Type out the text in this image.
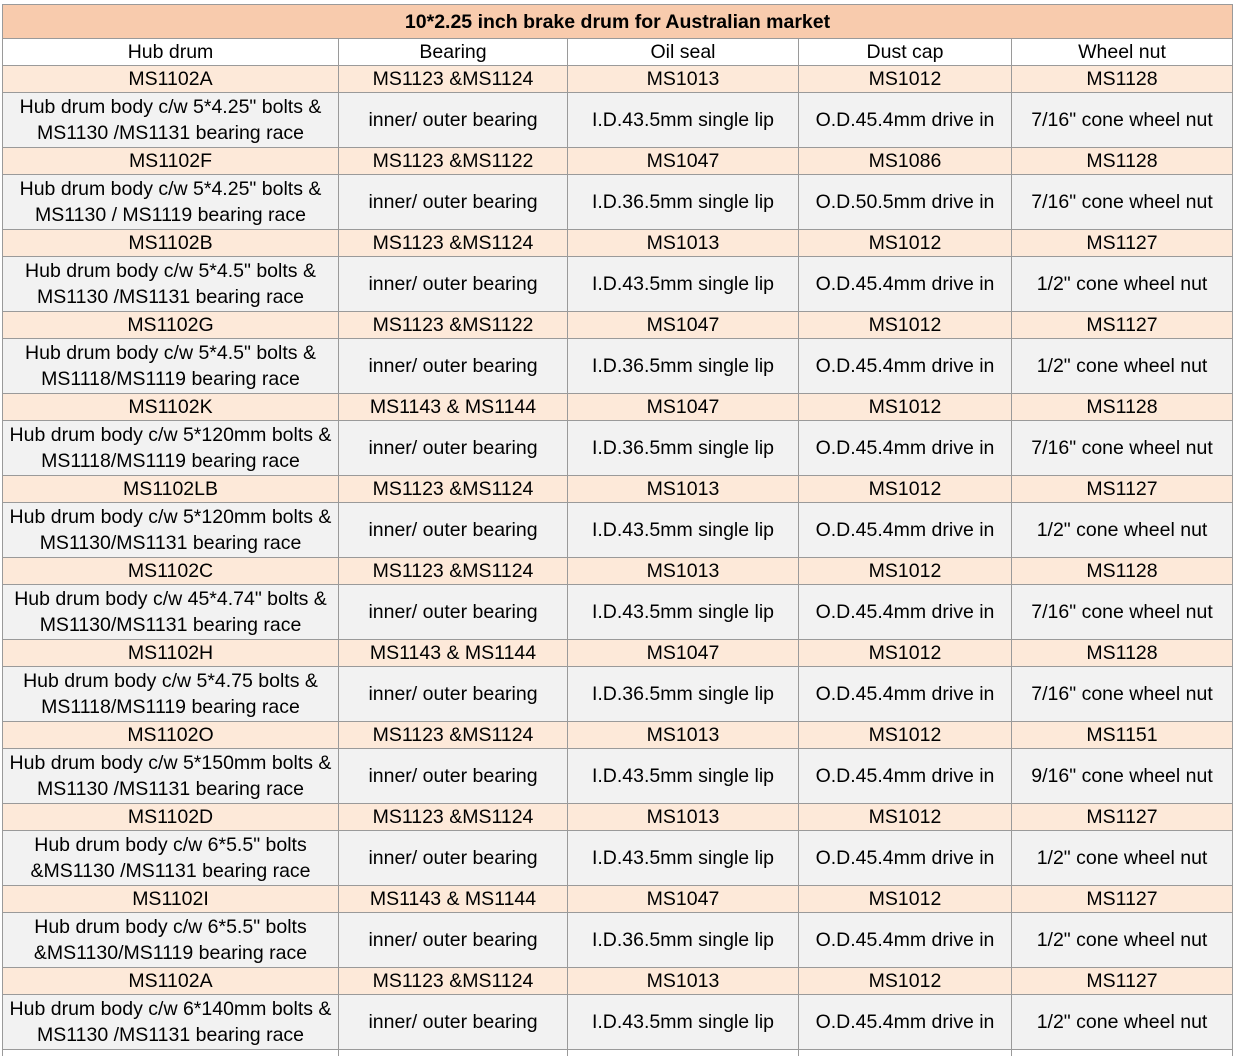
10*2.25 inch brake drum for Australian market				
Hub drum	Bearing	Oil seal	Dust cap	Wheel nut
MS1102A	MS1123 &MS1124	MS1013	MS1012	MS1128
Hub drum body c/w 5*4.25" bolts & MS1130 /MS1131 bearing race	inner/ outer bearing	I.D.43.5mm single lip	O.D.45.4mm drive in	7/16" cone wheel nut
MS1102F	MS1123 &MS1122	MS1047	MS1086	MS1128
Hub drum body c/w 5*4.25" bolts & MS1130 / MS1119 bearing race	inner/ outer bearing	I.D.36.5mm single lip	O.D.50.5mm drive in	7/16" cone wheel nut
MS1102B	MS1123 &MS1124	MS1013	MS1012	MS1127
Hub drum body c/w 5*4.5" bolts & MS1130 /MS1131 bearing race	inner/ outer bearing	I.D.43.5mm single lip	O.D.45.4mm drive in	1/2" cone wheel nut
MS1102G	MS1123 &MS1122	MS1047	MS1012	MS1127
Hub drum body c/w 5*4.5" bolts & MS1118/MS1119 bearing race	inner/ outer bearing	I.D.36.5mm single lip	O.D.45.4mm drive in	1/2" cone wheel nut
MS1102K	MS1143 & MS1144	MS1047	MS1012	MS1128
Hub drum body c/w 5*120mm bolts & MS1118/MS1119 bearing race	inner/ outer bearing	I.D.36.5mm single lip	O.D.45.4mm drive in	7/16" cone wheel nut
MS1102LB	MS1123 &MS1124	MS1013	MS1012	MS1127
Hub drum body c/w 5*120mm bolts & MS1130/MS1131 bearing race	inner/ outer bearing	I.D.43.5mm single lip	O.D.45.4mm drive in	1/2" cone wheel nut
MS1102C	MS1123 &MS1124	MS1013	MS1012	MS1128
Hub drum body c/w 45*4.74" bolts & MS1130/MS1131 bearing race	inner/ outer bearing	I.D.43.5mm single lip	O.D.45.4mm drive in	7/16" cone wheel nut
MS1102H	MS1143 & MS1144	MS1047	MS1012	MS1128
Hub drum body c/w 5*4.75 bolts & MS1118/MS1119 bearing race	inner/ outer bearing	I.D.36.5mm single lip	O.D.45.4mm drive in	7/16" cone wheel nut
MS1102O	MS1123 &MS1124	MS1013	MS1012	MS1151
Hub drum body c/w 5*150mm bolts & MS1130 /MS1131 bearing race	inner/ outer bearing	I.D.43.5mm single lip	O.D.45.4mm drive in	9/16" cone wheel nut
MS1102D	MS1123 &MS1124	MS1013	MS1012	MS1127
Hub drum body c/w 6*5.5" bolts &MS1130 /MS1131 bearing race	inner/ outer bearing	I.D.43.5mm single lip	O.D.45.4mm drive in	1/2" cone wheel nut
MS1102I	MS1143 & MS1144	MS1047	MS1012	MS1127
Hub drum body c/w 6*5.5" bolts &MS1130/MS1119 bearing race	inner/ outer bearing	I.D.36.5mm single lip	O.D.45.4mm drive in	1/2" cone wheel nut
MS1102A	MS1123 &MS1124	MS1013	MS1012	MS1127
Hub drum body c/w 6*140mm bolts & MS1130 /MS1131 bearing race	inner/ outer bearing	I.D.43.5mm single lip	O.D.45.4mm drive in	1/2" cone wheel nut
